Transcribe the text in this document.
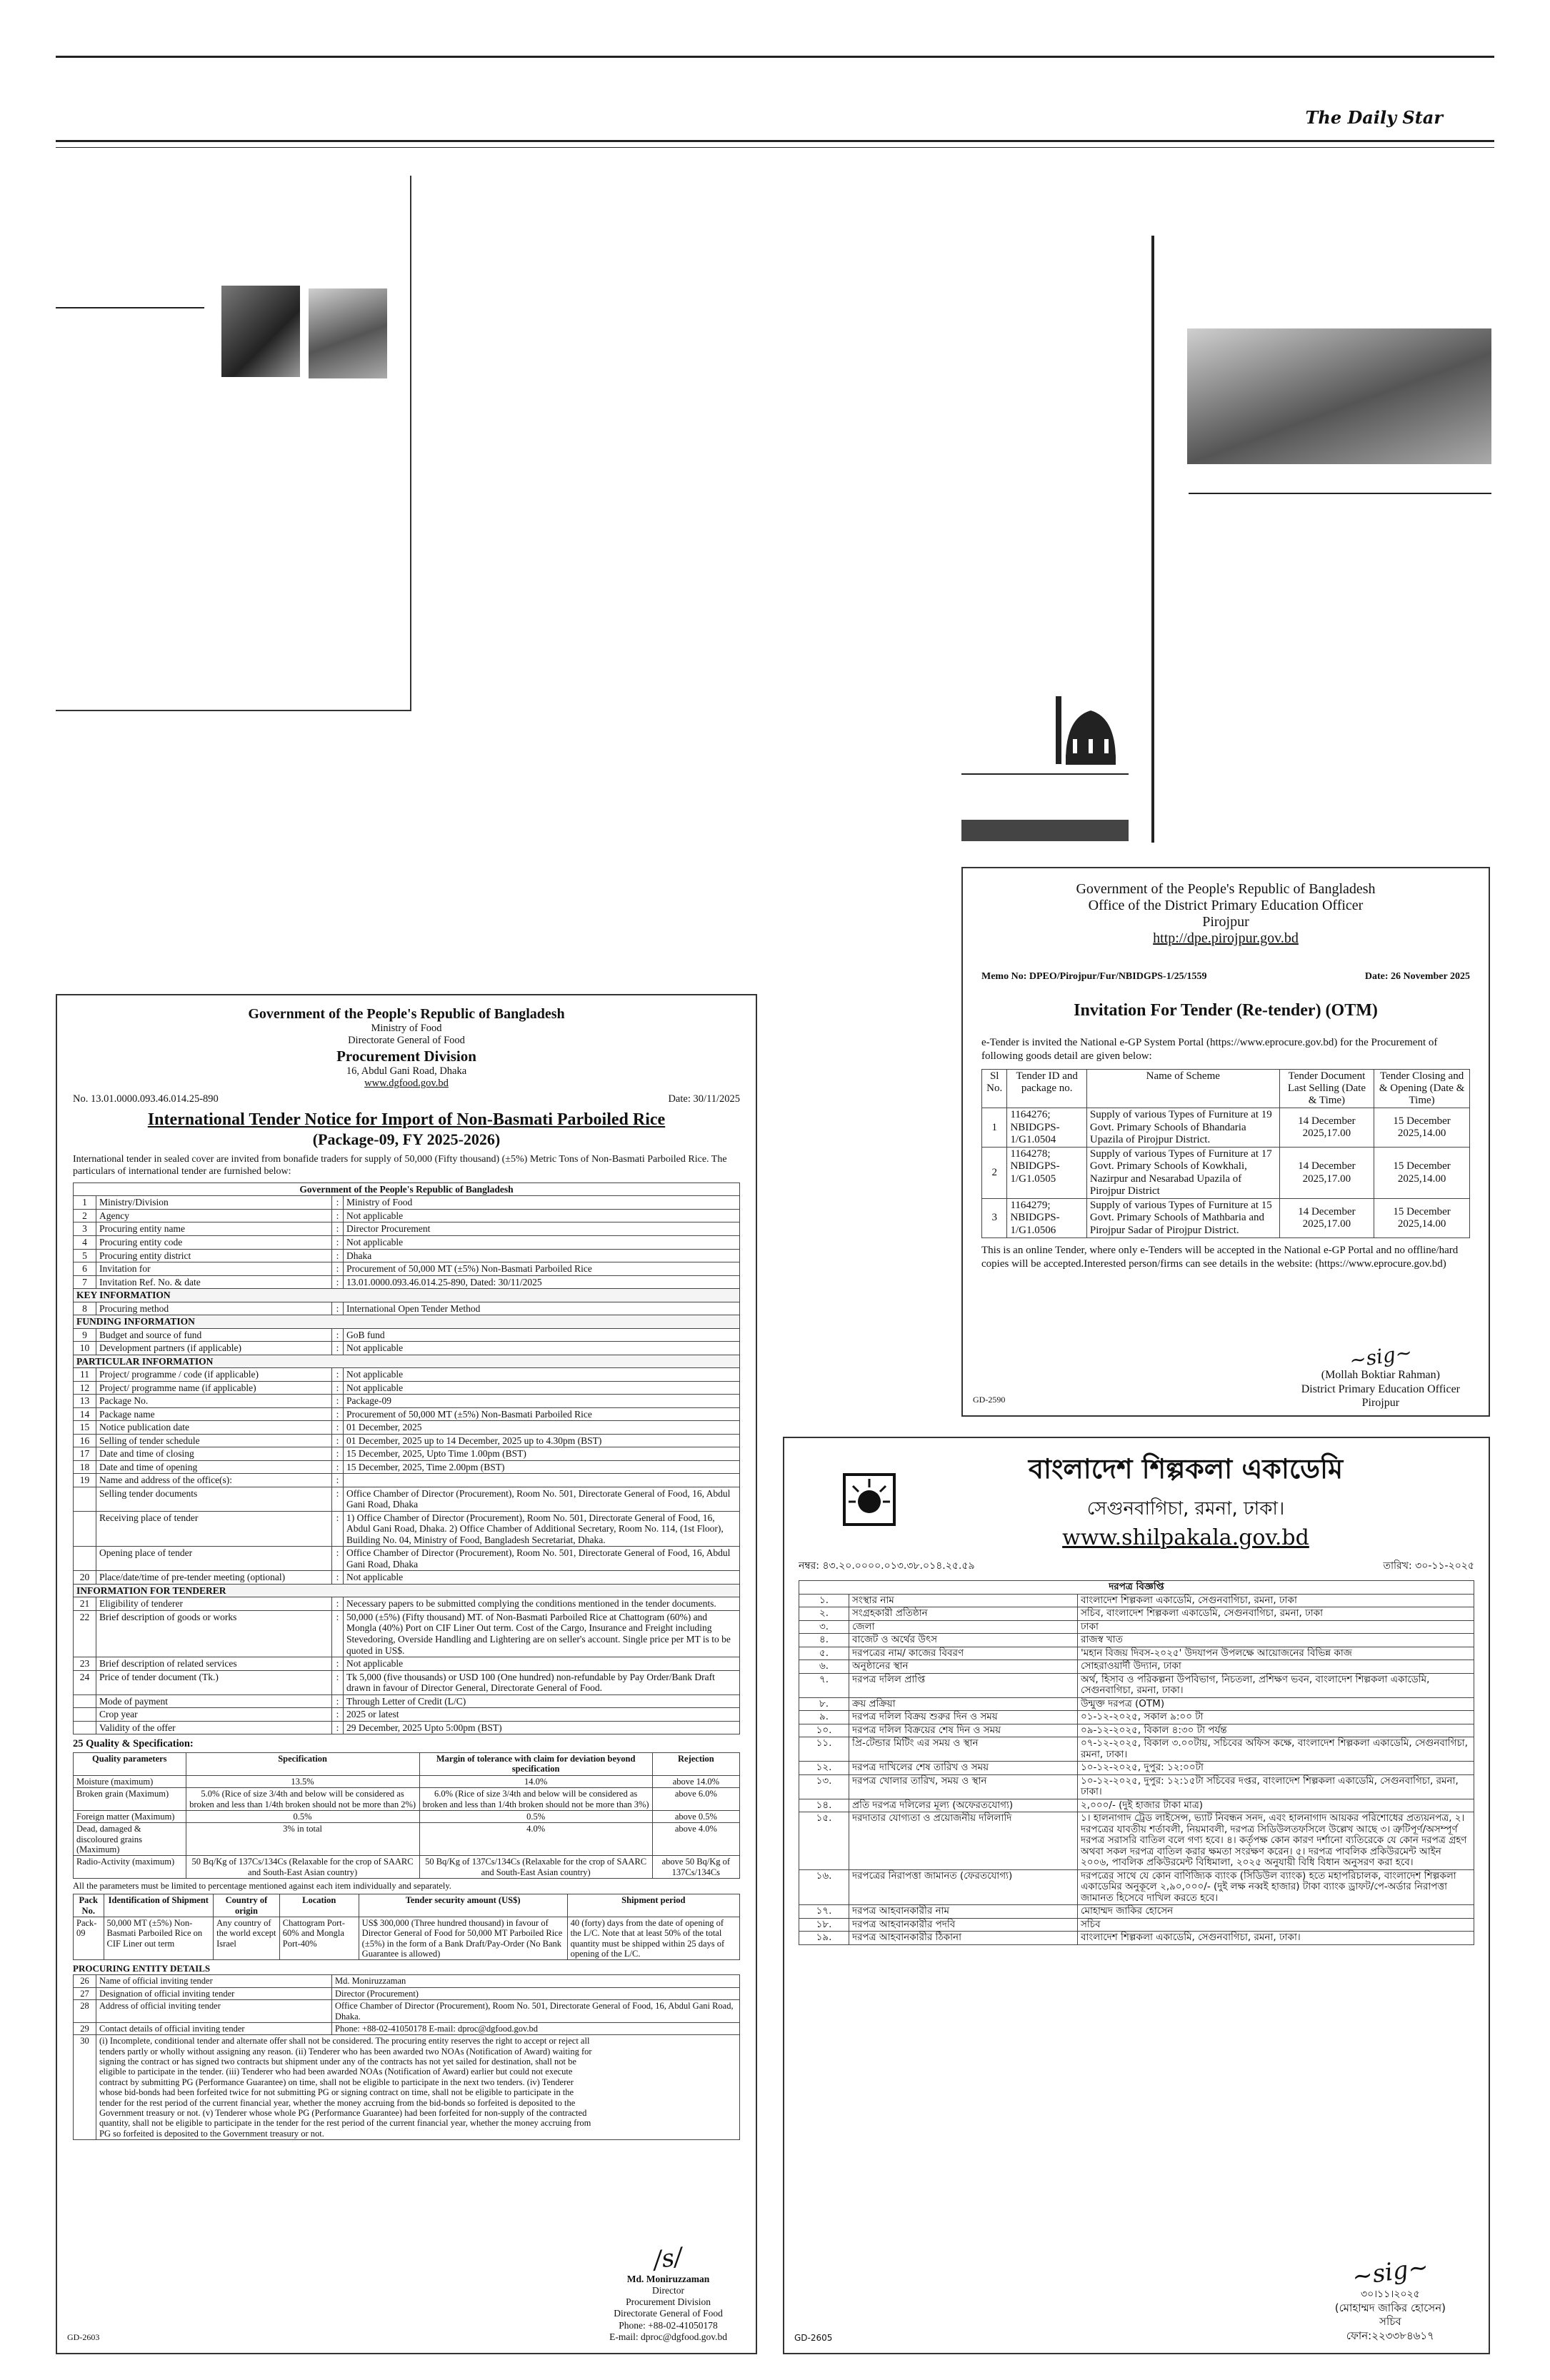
The Daily Star
Government of the People's Republic of Bangladesh
Ministry of Food
Directorate General of Food
Procurement Division
16, Abdul Gani Road, Dhaka
www.dgfood.gov.bd
No. 13.01.0000.093.46.014.25-890	Date: 30/11/2025
International Tender Notice for Import of Non-Basmati Parboiled Rice
(Package-09, FY 2025-2026)
International tender in sealed cover are invited from bonafide traders for supply of 50,000 (Fifty thousand) (±5%) Metric Tons of Non-Basmati Parboiled Rice. The particulars of international tender are furnished below:
Government of the People's Republic of Bangladesh			
1	Ministry/Division	:	Ministry of Food
2	Agency	:	Not applicable
3	Procuring entity name	:	Director Procurement
4	Procuring entity code	:	Not applicable
5	Procuring entity district	:	Dhaka
6	Invitation for	:	Procurement of 50,000 MT (±5%) Non-Basmati Parboiled Rice
7	Invitation Ref. No. & date	:	13.01.0000.093.46.014.25-890, Dated: 30/11/2025
KEY INFORMATION			
8	Procuring method	:	International Open Tender Method
FUNDING INFORMATION			
9	Budget and source of fund	:	GoB fund
10	Development partners (if applicable)	:	Not applicable
PARTICULAR INFORMATION			
11	Project/ programme / code (if applicable)	:	Not applicable
12	Project/ programme name (if applicable)	:	Not applicable
13	Package No.	:	Package-09
14	Package name	:	Procurement of 50,000 MT (±5%) Non-Basmati Parboiled Rice
15	Notice publication date	:	01 December, 2025
16	Selling of tender schedule	:	01 December, 2025 up to 14 December, 2025 up to 4.30pm (BST)
17	Date and time of closing	:	15 December, 2025, Upto Time 1.00pm (BST)
18	Date and time of opening	:	15 December, 2025, Time 2.00pm (BST)
19	Name and address of the office(s):	:	
	Selling tender documents	:	Office Chamber of Director (Procurement), Room No. 501, Directorate General of Food, 16, Abdul Gani Road, Dhaka
	Receiving place of tender	:	1) Office Chamber of Director (Procurement), Room No. 501, Directorate General of Food, 16, Abdul Gani Road, Dhaka. 2) Office Chamber of Additional Secretary, Room No. 114, (1st Floor), Building No. 04, Ministry of Food, Bangladesh Secretariat, Dhaka.
	Opening place of tender	:	Office Chamber of Director (Procurement), Room No. 501, Directorate General of Food, 16, Abdul Gani Road, Dhaka
20	Place/date/time of pre-tender meeting (optional)	:	Not applicable
INFORMATION FOR TENDERER			
21	Eligibility of tenderer	:	Necessary papers to be submitted complying the conditions mentioned in the tender documents.
22	Brief description of goods or works	:	50,000 (±5%) (Fifty thousand) MT. of Non-Basmati Parboiled Rice at Chattogram (60%) and Mongla (40%) Port on CIF Liner Out term. Cost of the Cargo, Insurance and Freight including Stevedoring, Overside Handling and Lightering are on seller's account. Single price per MT is to be quoted in US$.
23	Brief description of related services	:	Not applicable
24	Price of tender document (Tk.)	:	Tk 5,000 (five thousands) or USD 100 (One hundred) non-refundable by Pay Order/Bank Draft drawn in favour of Director General, Directorate General of Food.
	Mode of payment	:	Through Letter of Credit (L/C)
	Crop year	:	2025 or latest
	Validity of the offer	:	29 December, 2025 Upto 5:00pm (BST)
25 Quality & Specification:
Quality parameters	Specification	Margin of tolerance with claim for deviation beyond specification	Rejection
Moisture (maximum)	13.5%	14.0%	above 14.0%
Broken grain (Maximum)	5.0% (Rice of size 3/4th and below will be considered as broken and less than 1/4th broken should not be more than 2%)	6.0% (Rice of size 3/4th and below will be considered as broken and less than 1/4th broken should not be more than 3%)	above 6.0%
Foreign matter (Maximum)	0.5%	0.5%	above 0.5%
Dead, damaged & discoloured grains (Maximum)	3% in total	4.0%	above 4.0%
Radio-Activity (maximum)	50 Bq/Kg of 137Cs/134Cs (Relaxable for the crop of SAARC and South-East Asian country)	50 Bq/Kg of 137Cs/134Cs (Relaxable for the crop of SAARC and South-East Asian country)	above 50 Bq/Kg of 137Cs/134Cs
All the parameters must be limited to percentage mentioned against each item individually and separately.
Pack No.	Identification of Shipment	Country of origin	Location	Tender security amount (US$)	Shipment period
Pack-09	50,000 MT (±5%) Non-Basmati Parboiled Rice on CIF Liner out term	Any country of the world except Israel	Chattogram Port-60% and Mongla Port-40%	US$ 300,000 (Three hundred thousand) in favour of Director General of Food for 50,000 MT Parboiled Rice (±5%) in the form of a Bank Draft/Pay-Order (No Bank Guarantee is allowed)	40 (forty) days from the date of opening of the L/C. Note that at least 50% of the total quantity must be shipped within 25 days of opening of the L/C.
PROCURING ENTITY DETAILS
26	Name of official inviting tender	Md. Moniruzzaman
27	Designation of official inviting tender	Director (Procurement)
28	Address of official inviting tender	Office Chamber of Director (Procurement), Room No. 501, Directorate General of Food, 16, Abdul Gani Road, Dhaka.
29	Contact details of official inviting tender	Phone: +88-02-41050178 E-mail: dproc@dgfood.gov.bd
30	(i) Incomplete, conditional tender and alternate offer shall not be considered. The procuring entity reserves the right to accept or reject all tenders partly or wholly without assigning any reason. (ii) Tenderer who has been awarded two NOAs (Notification of Award) waiting for signing the contract or has signed two contracts but shipment under any of the contracts has not yet sailed for destination, shall not be eligible to participate in the tender. (iii) Tenderer who had been awarded NOAs (Notification of Award) earlier but could not execute contract by submitting PG (Performance Guarantee) on time, shall not be eligible to participate in the next two tenders. (iv) Tenderer whose bid-bonds had been forfeited twice for not submitting PG or signing contract on time, shall not be eligible to participate in the tender for the rest period of the current financial year, whether the money accruing from the bid-bonds so forfeited is deposited to the Government treasury or not. (v) Tenderer whose whole PG (Performance Guarantee) had been forfeited for non-supply of the contracted quantity, shall not be eligible to participate in the tender for the rest period of the current financial year, whether the money accruing from PG so forfeited is deposited to the Government treasury or not.	
/s/
Md. Moniruzzaman
Director
Procurement Division
Directorate General of Food
Phone: +88-02-41050178
E-mail: dproc@dgfood.gov.bd
GD-2603
Government of the People's Republic of Bangladesh
Office of the District Primary Education Officer
Pirojpur
http://dpe.pirojpur.gov.bd
Memo No: DPEO/Pirojpur/Fur/NBIDGPS-1/25/1559	Date: 26 November 2025
Invitation For Tender (Re-tender) (OTM)
e-Tender is invited the National e-GP System Portal (https://www.eprocure.gov.bd) for the Procurement of following goods detail are given below:
Sl No.	Tender ID and package no.	Name of Scheme	Tender Document Last Selling (Date & Time)	Tender Closing and & Opening (Date & Time)
1	1164276; NBIDGPS-1/G1.0504	Supply of various Types of Furniture at 19 Govt. Primary Schools of Bhandaria Upazila of Pirojpur District.	14 December 2025,17.00	15 December 2025,14.00
2	1164278; NBIDGPS-1/G1.0505	Supply of various Types of Furniture at 17 Govt. Primary Schools of Kowkhali, Nazirpur and Nesarabad Upazila of Pirojpur District	14 December 2025,17.00	15 December 2025,14.00
3	1164279; NBIDGPS-1/G1.0506	Supply of various Types of Furniture at 15 Govt. Primary Schools of Mathbaria and Pirojpur Sadar of Pirojpur District.	14 December 2025,17.00	15 December 2025,14.00
This is an online Tender, where only e-Tenders will be accepted in the National e-GP Portal and no offline/hard copies will be accepted.Interested person/firms can see details in the website: (https://www.eprocure.gov.bd)
~sig~
(Mollah Boktiar Rahman)
District Primary Education Officer
Pirojpur
GD-2590
বাংলাদেশ শিল্পকলা একাডেমি
সেগুনবাগিচা, রমনা, ঢাকা।
www.shilpakala.gov.bd
নম্বর: ৪৩.২০.০০০০.০১৩.৩৮.০১৪.২৫.৫৯	তারিখ: ৩০-১১-২০২৫
দরপত্র বিজ্ঞপ্তি		
১.	সংস্থার নাম	বাংলাদেশ শিল্পকলা একাডেমি, সেগুনবাগিচা, রমনা, ঢাকা
২.	সংগ্রহকারী প্রতিষ্ঠান	সচিব, বাংলাদেশ শিল্পকলা একাডেমি, সেগুনবাগিচা, রমনা, ঢাকা
৩.	জেলা	ঢাকা
৪.	বাজেট ও অর্থের উৎস	রাজস্ব খাত
৫.	দরপত্রের নাম/ কাজের বিবরণ	'মহান বিজয় দিবস-২০২৫' উদযাপন উপলক্ষে আয়োজনের বিভিন্ন কাজ
৬.	অনুষ্ঠানের স্থান	সোহরাওয়ার্দী উদ্যান, ঢাকা
৭.	দরপত্র দলিল প্রাপ্তি	অর্থ, হিসাব ও পরিকল্পনা উপবিভাগ, নিচতলা, প্রশিক্ষণ ভবন, বাংলাদেশ শিল্পকলা একাডেমি, সেগুনবাগিচা, রমনা, ঢাকা।
৮.	ক্রয় প্রক্রিয়া	উন্মুক্ত দরপত্র (OTM)
৯.	দরপত্র দলিল বিক্রয় শুরুর দিন ও সময়	০১-১২-২০২৫, সকাল ৯:০০ টা
১০.	দরপত্র দলিল বিক্রয়ের শেষ দিন ও সময়	০৯-১২-২০২৫, বিকাল ৪:৩০ টা পর্যন্ত
১১.	প্রি-টেন্ডার মিটিং এর সময় ও স্থান	০৭-১২-২০২৫, বিকাল ৩.০০টায়, সচিবের অফিস কক্ষে, বাংলাদেশ শিল্পকলা একাডেমি, সেগুনবাগিচা, রমনা, ঢাকা।
১২.	দরপত্র দাখিলের শেষ তারিখ ও সময়	১০-১২-২০২৫, দুপুর: ১২:০০টা
১৩.	দরপত্র খোলার তারিখ, সময় ও স্থান	১০-১২-২০২৫, দুপুর: ১২:১৫টা সচিবের দপ্তর, বাংলাদেশ শিল্পকলা একাডেমি, সেগুনবাগিচা, রমনা, ঢাকা।
১৪.	প্রতি দরপত্র দলিলের মূল্য (অফেরতযোগ্য)	২,০০০/- (দুই হাজার টাকা মাত্র)
১৫.	দরদাতার যোগ্যতা ও প্রয়োজনীয় দলিলাদি	১। হালনাগাদ ট্রেড লাইসেন্স, ভ্যাট নিবন্ধন সনদ, এবং হালনাগাদ আয়কর পরিশোধের প্রত্যয়নপত্র, ২। দরপত্রের যাবতীয় শর্তাবলী, নিয়মাবলী, দরপত্র সিডিউলতফসিলে উল্লেখ আছে ৩। ত্রুটিপূর্ণ/অসম্পূর্ণ দরপত্র সরাসরি বাতিল বলে গণ্য হবে। ৪। কর্তৃপক্ষ কোন কারণ দর্শানো ব্যতিরেকে যে কোন দরপত্র গ্রহণ অথবা সকল দরপত্র বাতিল করার ক্ষমতা সংরক্ষণ করেন। ৫। দরপত্র পাবলিক প্রকিউরমেন্ট আইন ২০০৬, পাবলিক প্রকিউরমেন্ট বিধিমালা, ২০২৫ অনুযায়ী বিধি বিধান অনুসরণ করা হবে।
১৬.	দরপত্রের নিরাপত্তা জামানত (ফেরতযোগ্য)	দরপত্রের সাথে যে কোন বাণিজ্যিক ব্যাংক (সিডিউল ব্যাংক) হতে মহাপরিচালক, বাংলাদেশ শিল্পকলা একাডেমির অনুকূলে ২,৯০,০০০/- (দুই লক্ষ নব্বই হাজার) টাকা ব্যাংক ড্রাফট/পে-অর্ডার নিরাপত্তা জামানত হিসেবে দাখিল করতে হবে।
১৭.	দরপত্র আহবানকারীর নাম	মোহাম্মদ জাকির হোসেন
১৮.	দরপত্র আহবানকারীর পদবি	সচিব
১৯.	দরপত্র আহবানকারীর ঠিকানা	বাংলাদেশ শিল্পকলা একাডেমি, সেগুনবাগিচা, রমনা, ঢাকা।
~sig~
৩০।১১।২০২৫
(মোহাম্মদ জাকির হোসেন)
সচিব
ফোন:২২৩৩৮৪৬১৭
GD-2605
